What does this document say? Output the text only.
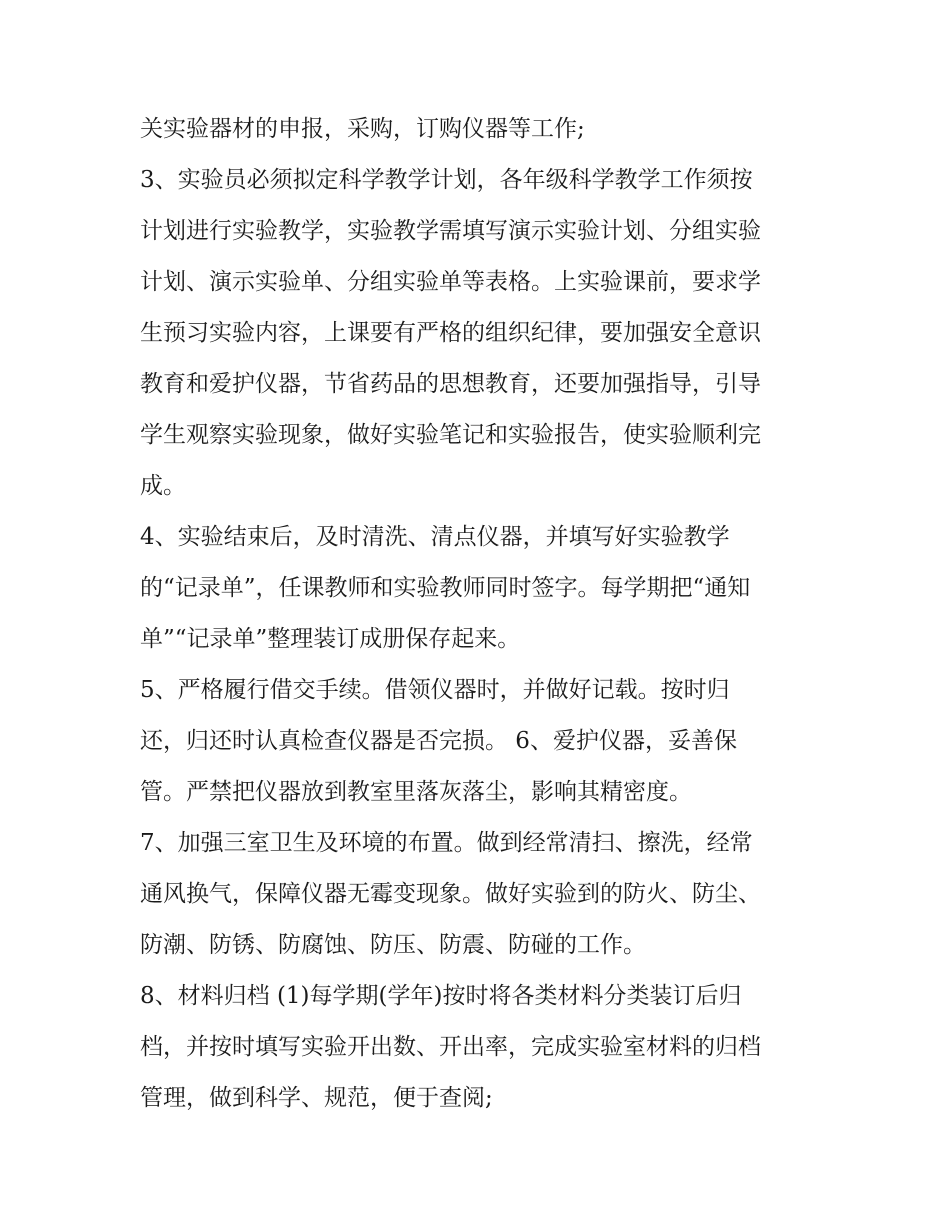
关实验器材的申报，采购，订购仪器等工作;
3、实验员必须拟定科学教学计划，各年级科学教学工作须按
计划进行实验教学，实验教学需填写演示实验计划、分组实验
计划、演示实验单、分组实验单等表格。上实验课前，要求学
生预习实验内容，上课要有严格的组织纪律，要加强安全意识
教育和爱护仪器，节省药品的思想教育，还要加强指导，引导
学生观察实验现象，做好实验笔记和实验报告，使实验顺利完
成。
4、实验结束后，及时清洗、清点仪器，并填写好实验教学
的“记录单”，任课教师和实验教师同时签字。每学期把“通知
单”“记录单”整理装订成册保存起来。
5、严格履行借交手续。借领仪器时，并做好记载。按时归
还，归还时认真检查仪器是否完损。 6、爱护仪器，妥善保
管。严禁把仪器放到教室里落灰落尘，影响其精密度。
7、加强三室卫生及环境的布置。做到经常清扫、擦洗，经常
通风换气，保障仪器无霉变现象。做好实验到的防火、防尘、
防潮、防锈、防腐蚀、防压、防震、防碰的工作。
8、材料归档 (1)每学期(学年)按时将各类材料分类装订后归
档，并按时填写实验开出数、开出率，完成实验室材料的归档
管理，做到科学、规范，便于查阅;
